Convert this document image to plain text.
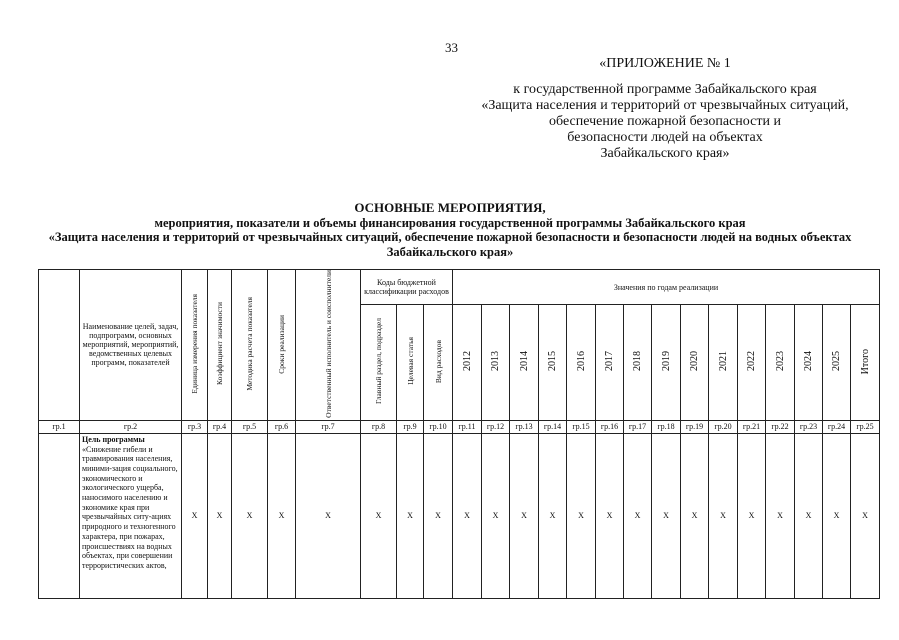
33
«ПРИЛОЖЕНИЕ № 1
к государственной программе Забайкальского края
«Защита населения и территорий от чрезвычайных ситуаций,
обеспечение пожарной безопасности и
безопасности людей на объектах
Забайкальского края»
ОСНОВНЫЕ МЕРОПРИЯТИЯ,
мероприятия, показатели и объемы финансирования государственной программы Забайкальского края
«Защита населения и территорий от чрезвычайных ситуаций, обеспечение пожарной безопасности и безопасности людей на водных объектах
Забайкальского края»
	Наименование целей, задач, подпрограмм, основных мероприятий, мероприятий, ведомственных целевых программ, показателей	Единица измерения показателя	Коэффициент значимости	Методика расчета показателя	Сроки реализации	Ответственный исполнитель и соисполнители	Коды бюджетной классификации расходов			Значения по годам реализации														
							Главный раздел, подраздел	Целевая статья	Вид расходов	2012	2013	2014	2015	2016	2017	2018	2019	2020	2021	2022	2023	2024	2025	Итого
гр.1	гр.2	гр.3	гр.4	гр.5	гр.6	гр.7	гр.8	гр.9	гр.10	гр.11	гр.12	гр.13	гр.14	гр.15	гр.16	гр.17	гр.18	гр.19	гр.20	гр.21	гр.22	гр.23	гр.24	гр.25

	Цель программы
«Снижение гибели и травмирования населения, миними-зация социального, экономического и экологического ущерба, наносимого населению и экономике края при чрезвычайных ситу-ациях природного и техногенного характера, при пожарах, происшествиях на водных объектах, при совершении террористических актов,	Х	Х	Х	Х	Х	Х	Х	Х	Х	Х	Х	Х	Х	Х	Х	Х	Х	Х	Х	Х	Х	Х	Х
